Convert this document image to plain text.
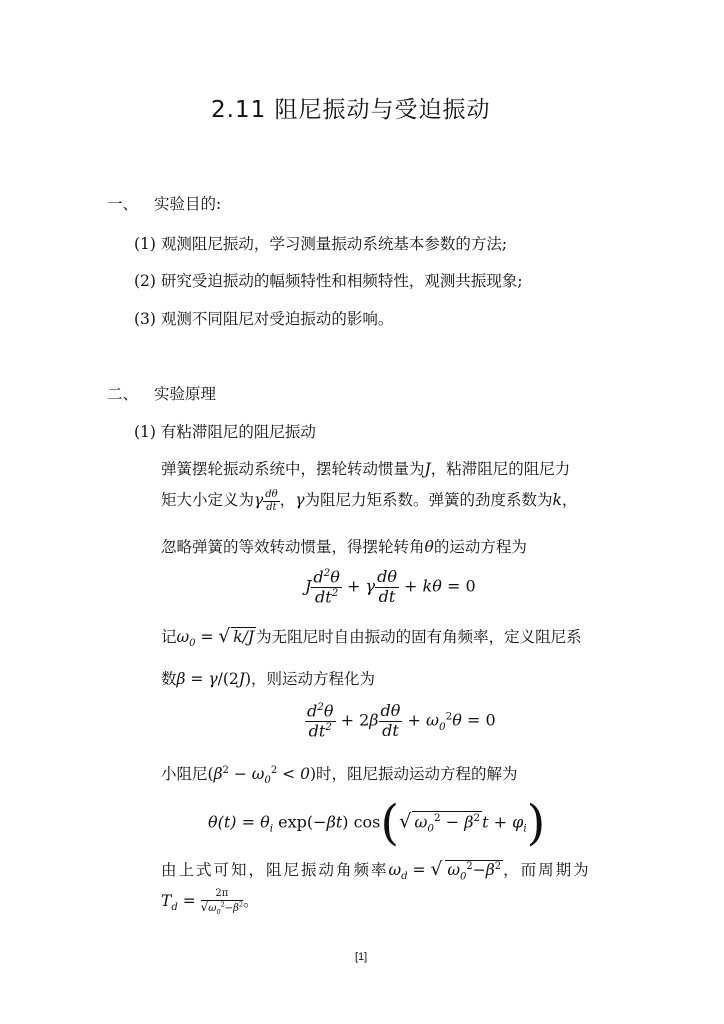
2.11 阻尼振动与受迫振动
一、 实验目的:
(1) 观测阻尼振动，学习测量振动系统基本参数的方法;
(2) 研究受迫振动的幅频特性和相频特性，观测共振现象;
(3) 观测不同阻尼对受迫振动的影响。
二、 实验原理
(1) 有粘滞阻尼的阻尼振动
弹簧摆轮振动系统中，摆轮转动惯量为J，粘滞阻尼的阻尼力
矩大小定义为γ $\frac{d\theta}{dt}$ ，γ为阻尼力矩系数。弹簧的劲度系数为k，
忽略弹簧的等效转动惯量，得摆轮转角θ的运动方程为
J $\frac{d^2\theta}{dt^2} + \gamma \frac{d\theta}{dt} + k\theta = 0$
记$\omega_0$ = √ k/J 为无阻尼时自由振动的固有角频率，定义阻尼系
数β = γ/(2J)，则运动方程化为
$\frac{d^2\theta}{dt^2} + 2\beta \frac{d\theta}{dt} + \omega_0^2\theta = 0$
小阻尼$(\beta^2 - \omega_0^2 < 0)$时，阻尼振动运动方程的解为
$\theta(t) = \theta_i$ exp(−βt) cos(√ $\omega_0^2 - \beta^2$ $t + \varphi_i$)
由上式可知，阻尼振动角频率$\omega_d$ = √ $\omega_0^2-\beta^2$ ，而周期为
$T_d = \frac{2\pi}{√\omega_0^2-\beta^2}$ 。
[1]
